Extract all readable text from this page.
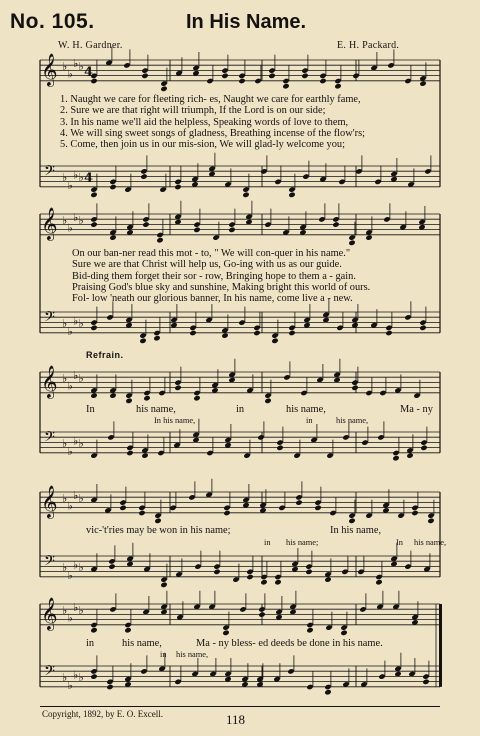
No. 105.	In His Name.
W. H. Gardner.	E. H. Packard.
𝄞
𝄢
♭
♭
♭ ♭
♭
♭
♭ ♭
4
4
𝄞
𝄢
♭
♭
♭ ♭
♭
♭
♭ ♭
𝄞
𝄢
♭
♭
♭ ♭
♭
♭
♭ ♭
𝄞
𝄢
♭
♭
♭ ♭
♭
♭
♭ ♭
𝄞
𝄢
♭
♭
♭ ♭
♭
♭
♭ ♭
1. Naught we care for fleeting rich- es, Naught we care for earthly fame,
2. Sure we are that right will triumph, If the Lord is on our side;
3. In his name we'll aid the helpless, Speaking words of love to them,
4. We will sing sweet songs of gladness, Breathing incense of the flow'rs;
5. Come, then join us in our mis-sion, We will glad-ly welcome you;
On our ban-ner read this mot - to, " We will con-quer in his name."
Sure we are that Christ will help us, Go-ing with us as our guide.
Bid-ding them forget their sor - row, Bringing hope to them a - gain.
Praising God's blue sky and sunshine, Making bright this world of ours.
Fol- low 'neath our glorious banner, In his name, come live a - new.
Refrain.
In	his name,	in	his name,	Ma - ny
In his name,	in	his name,
vic-'t'ries may be won in his name;	In his name,
in his name;	In his name,
in	his name,	Ma - ny bless- ed deeds be done in his name.
in his name,
Copyright, 1892, by E. O. Excell.	118
